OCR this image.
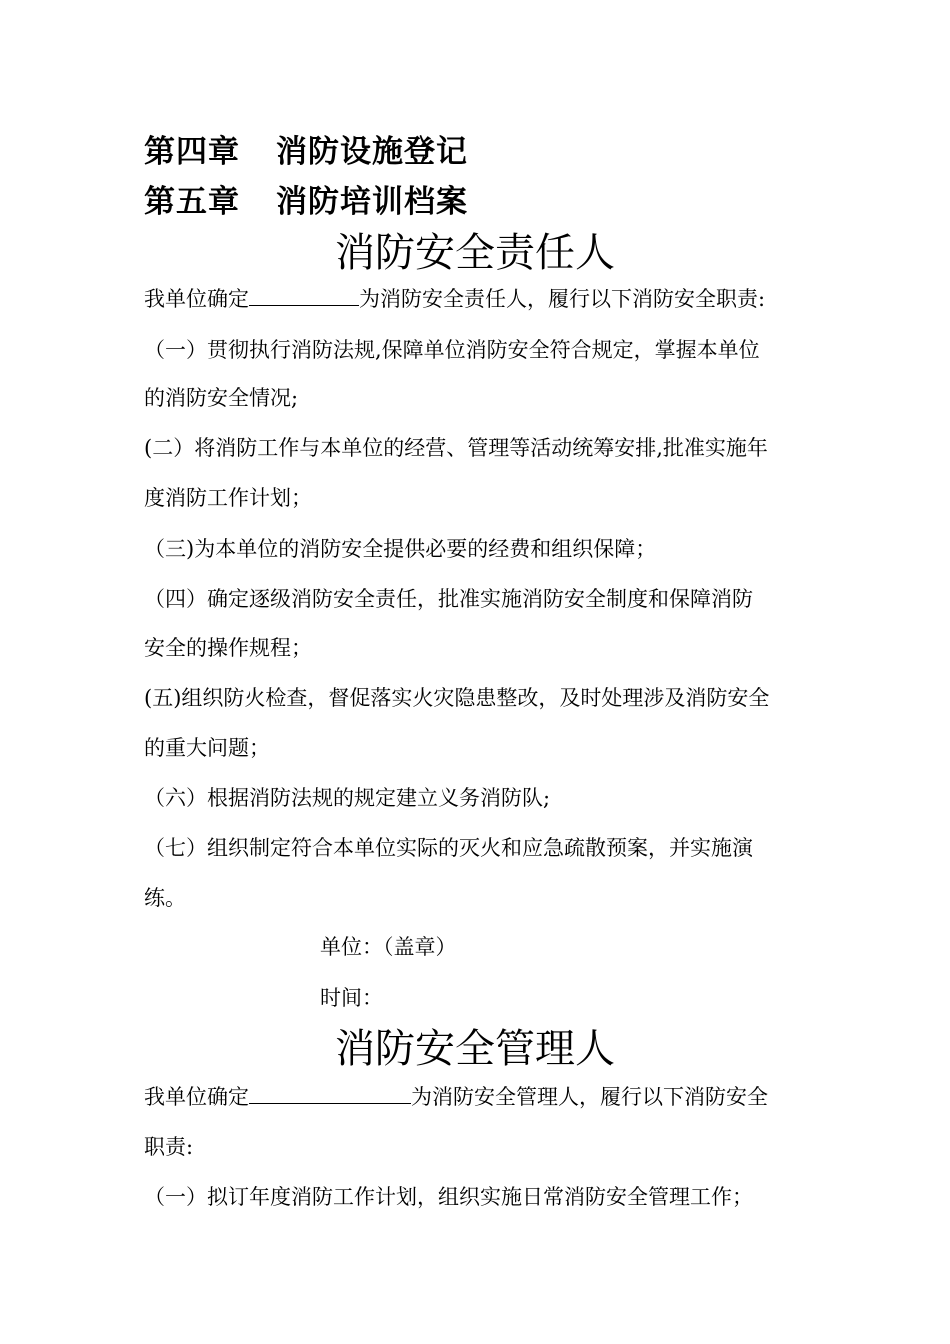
第四章 消防设施登记
第五章 消防培训档案
消防安全责任人
我单位确定	为消防安全责任人，履行以下消防安全职责:
（一）贯彻执行消防法规,保障单位消防安全符合规定，掌握本单位
的消防安全情况;
(二）将消防工作与本单位的经营、管理等活动统筹安排,批准实施年
度消防工作计划；
（三)为本单位的消防安全提供必要的经费和组织保障；
（四）确定逐级消防安全责任，批准实施消防安全制度和保障消防
安全的操作规程；
(五)组织防火检查，督促落实火灾隐患整改，及时处理涉及消防安全
的重大问题；
（六）根据消防法规的规定建立义务消防队;
（七）组织制定符合本单位实际的灭火和应急疏散预案，并实施演
练。
单位：（盖章）
时间：
消防安全管理人
我单位确定	为消防安全管理人，履行以下消防安全
职责:
（一）拟订年度消防工作计划，组织实施日常消防安全管理工作；
